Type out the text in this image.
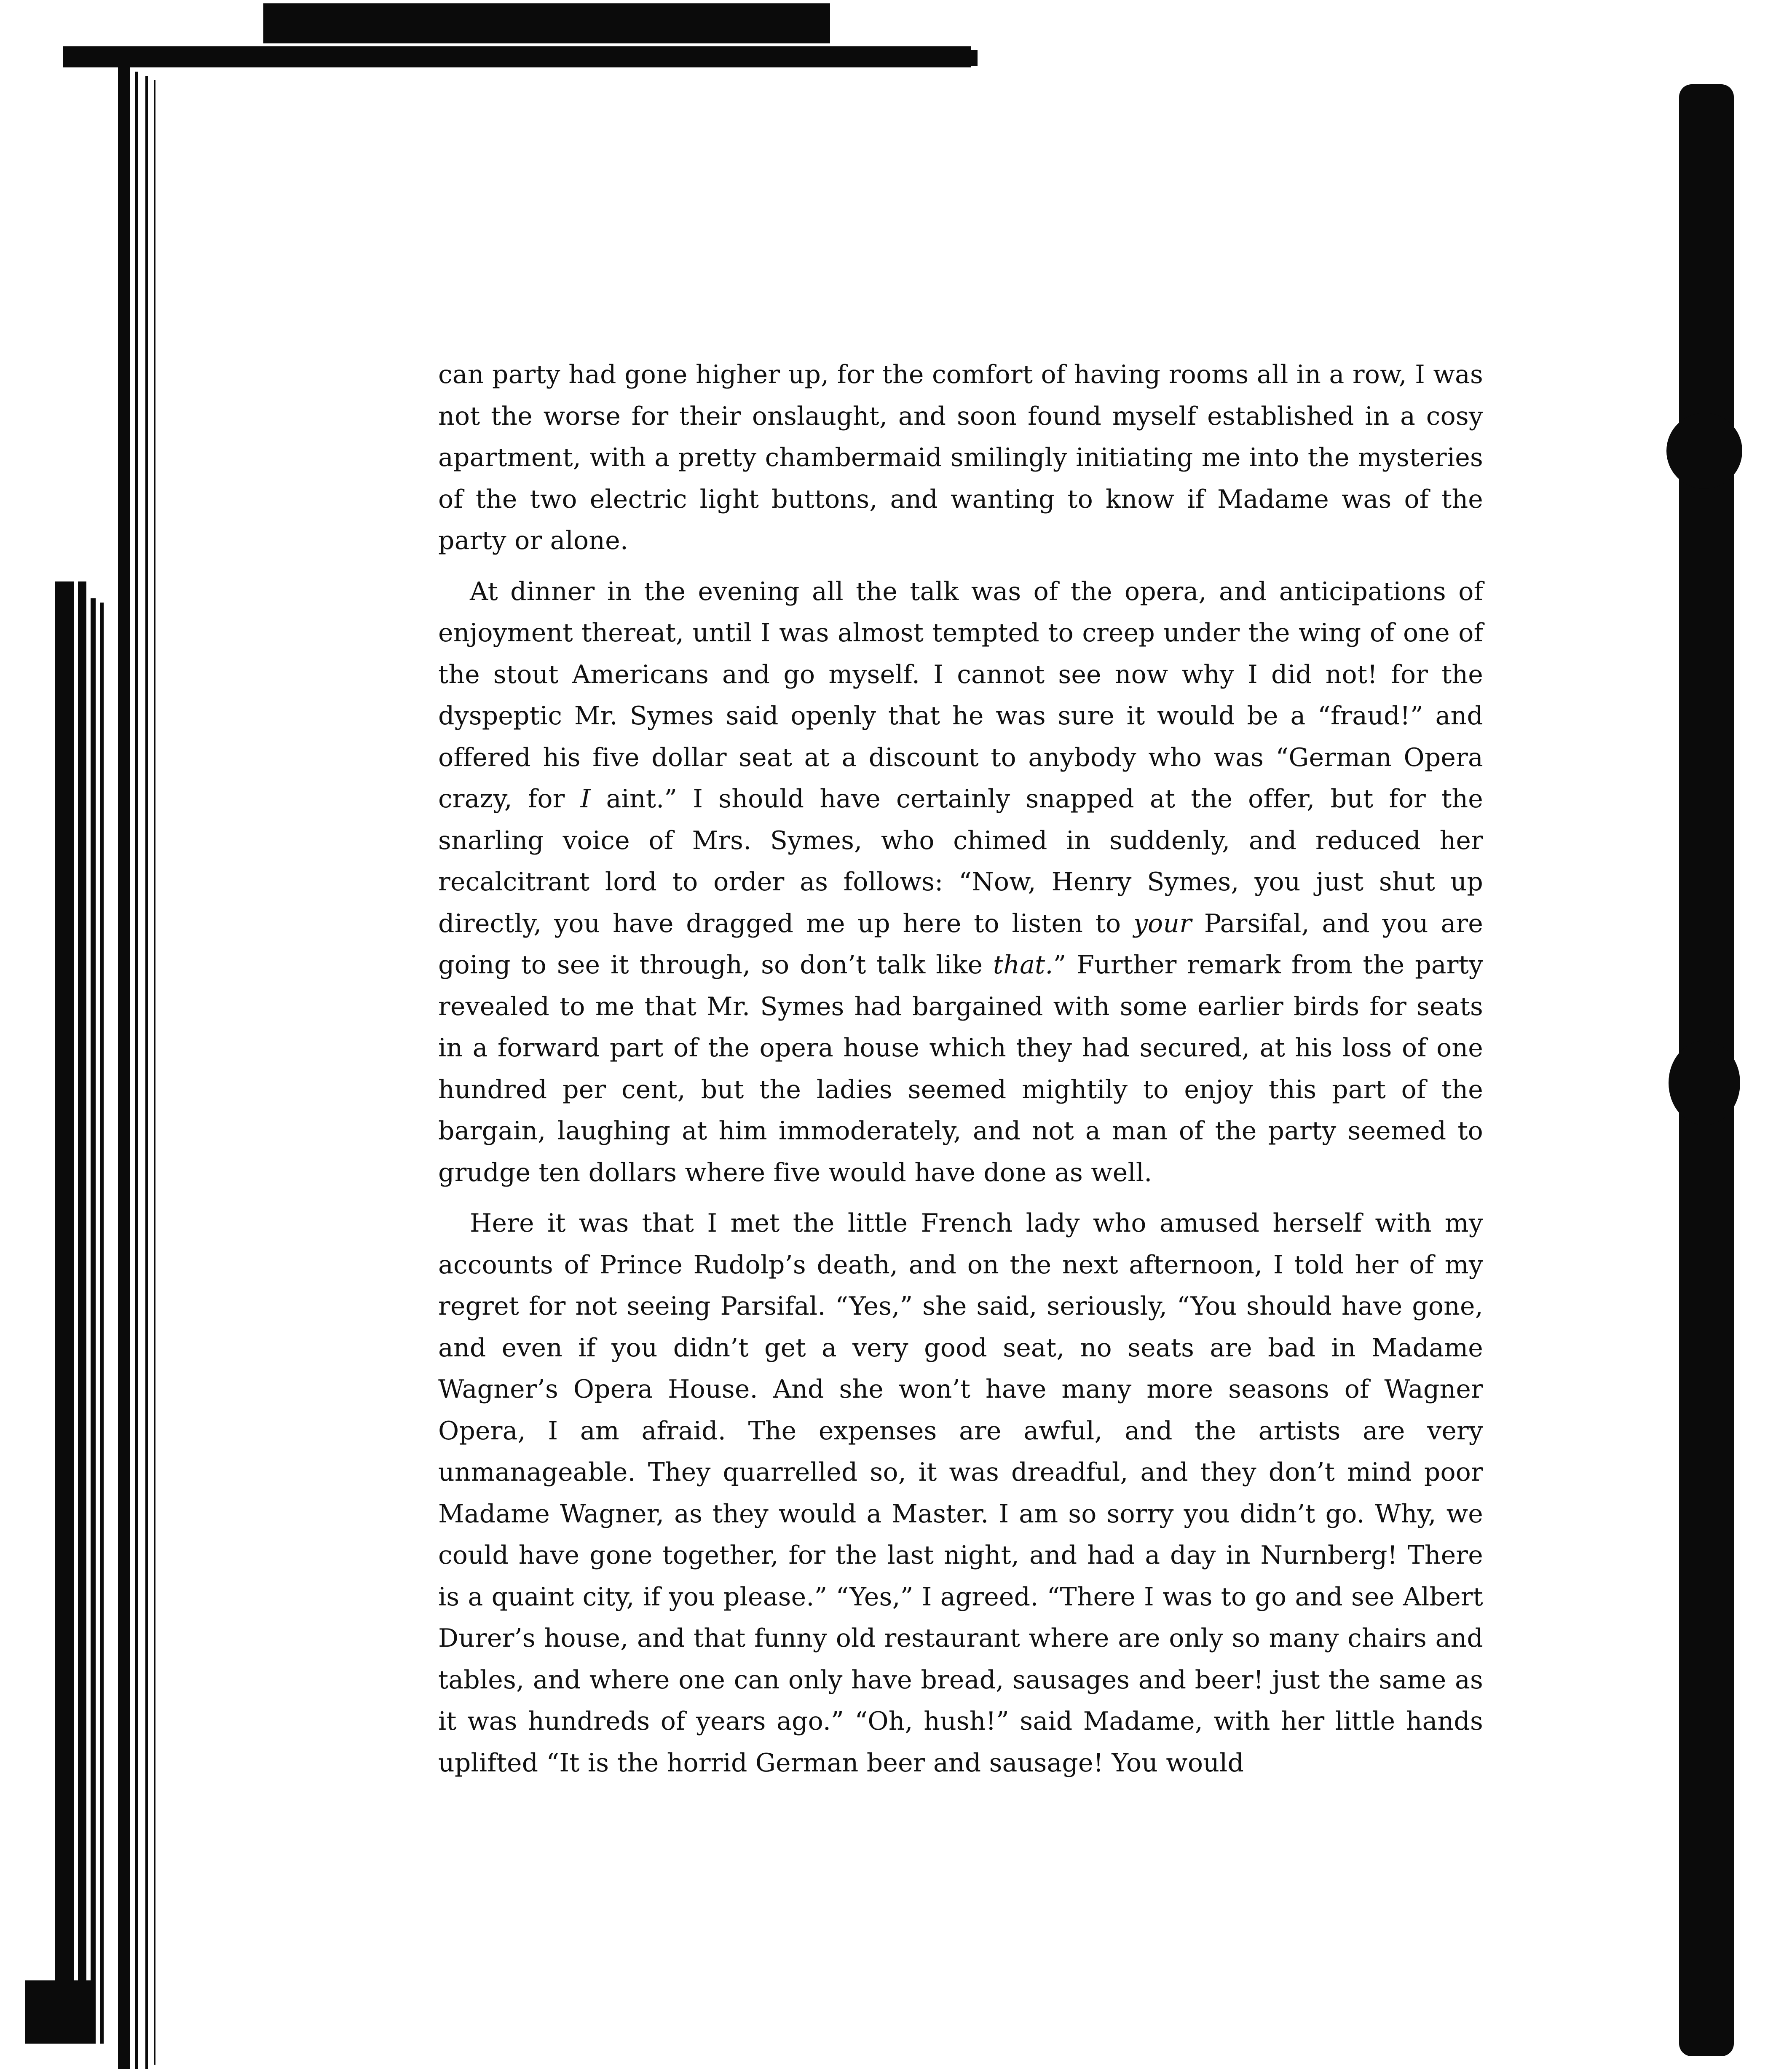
can party had gone higher up, for the comfort of having rooms all in a row, I was not the worse for their onslaught, and soon found myself established in a cosy apartment, with a pretty chambermaid smilingly initiating me into the mysteries of the two electric light buttons, and wanting to know if Madame was of the party or alone.

At dinner in the evening all the talk was of the opera, and anticipations of enjoyment thereat, until I was almost tempted to creep under the wing of one of the stout Americans and go myself. I cannot see now why I did not! for the dyspeptic Mr. Symes said openly that he was sure it would be a “fraud!” and offered his five dollar seat at a discount to anybody who was “German Opera crazy, for I aint.” I should have certainly snapped at the offer, but for the snarling voice of Mrs. Symes, who chimed in suddenly, and reduced her recalcitrant lord to order as follows: “Now, Henry Symes, you just shut up directly, you have dragged me up here to listen to your Parsifal, and you are going to see it through, so don’t talk like that.” Further remark from the party revealed to me that Mr. Symes had bargained with some earlier birds for seats in a forward part of the opera house which they had secured, at his loss of one hundred per cent, but the ladies seemed mightily to enjoy this part of the bargain, laughing at him immoderately, and not a man of the party seemed to grudge ten dollars where five would have done as well.

Here it was that I met the little French lady who amused herself with my accounts of Prince Rudolp’s death, and on the next afternoon, I told her of my regret for not seeing Parsifal. “Yes,” she said, seriously, “You should have gone, and even if you didn’t get a very good seat, no seats are bad in Madame Wagner’s Opera House. And she won’t have many more seasons of Wagner Opera, I am afraid. The expenses are awful, and the artists are very unmanageable. They quarrelled so, it was dreadful, and they don’t mind poor Madame Wagner, as they would a Master. I am so sorry you didn’t go. Why, we could have gone together, for the last night, and had a day in Nurnberg! There is a quaint city, if you please.” “Yes,” I agreed. “There I was to go and see Albert Durer’s house, and that funny old restaurant where are only so many chairs and tables, and where one can only have bread, sausages and beer! just the same as it was hundreds of years ago.” “Oh, hush!” said Madame, with her little hands uplifted “It is the horrid German beer and sausage! You would
